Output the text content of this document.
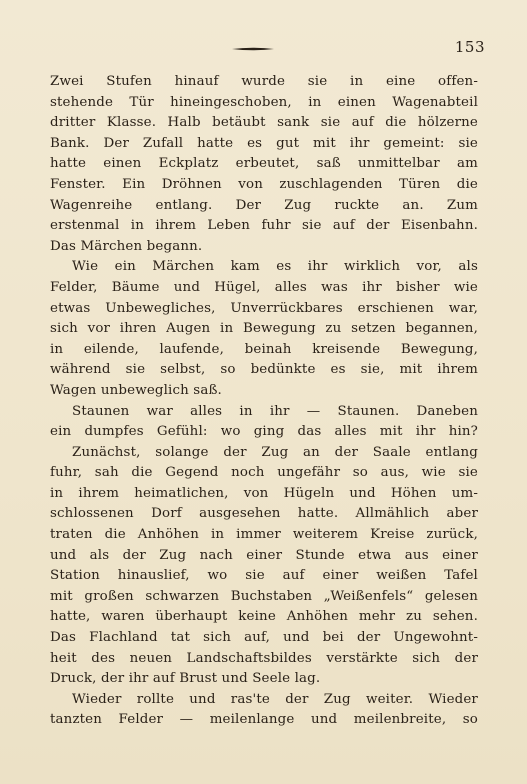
153
Zwei Stufen hinauf wurde sie in eine offen-
stehende Tür hineingeschoben, in einen Wagenabteil
dritter Klasse. Halb betäubt sank sie auf die hölzerne
Bank. Der Zufall hatte es gut mit ihr gemeint: sie
hatte einen Eckplatz erbeutet, saß unmittelbar am
Fenster. Ein Dröhnen von zuschlagenden Türen die
Wagenreihe entlang. Der Zug ruckte an. Zum
erstenmal in ihrem Leben fuhr sie auf der Eisenbahn.
Das Märchen begann.
Wie ein Märchen kam es ihr wirklich vor, als
Felder, Bäume und Hügel, alles was ihr bisher wie
etwas Unbewegliches, Unverrückbares erschienen war,
sich vor ihren Augen in Bewegung zu setzen begannen,
in eilende, laufende, beinah kreisende Bewegung,
während sie selbst, so bedünkte es sie, mit ihrem
Wagen unbeweglich saß.
Staunen war alles in ihr — Staunen. Daneben
ein dumpfes Gefühl: wo ging das alles mit ihr hin?
Zunächst, solange der Zug an der Saale entlang
fuhr, sah die Gegend noch ungefähr so aus, wie sie
in ihrem heimatlichen, von Hügeln und Höhen um-
schlossenen Dorf ausgesehen hatte. Allmählich aber
traten die Anhöhen in immer weiterem Kreise zurück,
und als der Zug nach einer Stunde etwa aus einer
Station hinauslief, wo sie auf einer weißen Tafel
mit großen schwarzen Buchstaben „Weißenfels“ gelesen
hatte, waren überhaupt keine Anhöhen mehr zu sehen.
Das Flachland tat sich auf, und bei der Ungewohnt-
heit des neuen Landschaftsbildes verstärkte sich der
Druck, der ihr auf Brust und Seele lag.
Wieder rollte und ras'te der Zug weiter. Wieder
tanzten Felder — meilenlange und meilenbreite, so
